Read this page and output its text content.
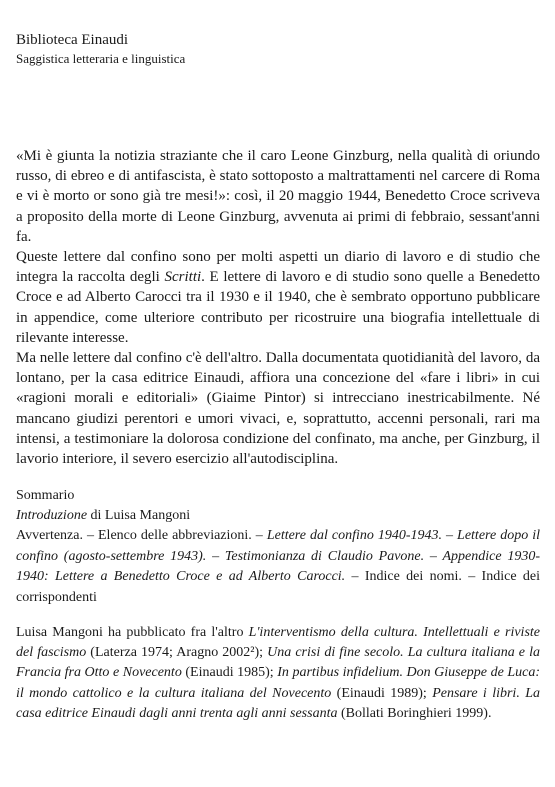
Biblioteca Einaudi

Saggistica letteraria e linguistica

«Mi è giunta la notizia straziante che il caro Leone Ginzburg, nella qualità di oriundo russo, di ebreo e di antifascista, è stato sottoposto a maltrattamenti nel carcere di Roma e vi è morto or sono già tre mesi!»: così, il 20 maggio 1944, Benedetto Croce scriveva a proposito della morte di Leone Ginzburg, avvenuta ai primi di febbraio, sessant'anni fa.

Queste lettere dal confino sono per molti aspetti un diario di lavoro e di studio che integra la raccolta degli Scritti. E lettere di lavoro e di studio sono quelle a Benedetto Croce e ad Alberto Carocci tra il 1930 e il 1940, che è sembrato opportuno pubblicare in appendice, come ulteriore contributo per ricostruire una biografia intellettuale di rilevante interesse.

Ma nelle lettere dal confino c'è dell'altro. Dalla documentata quotidianità del lavoro, da lontano, per la casa editrice Einaudi, affiora una concezione del «fare i libri» in cui «ragioni morali e editoriali» (Giaime Pintor) si intrecciano inestricabilmente. Né mancano giudizi perentori e umori vivaci, e, soprattutto, accenni personali, rari ma intensi, a testimoniare la dolorosa condizione del confinato, ma anche, per Ginzburg, il lavorio interiore, il severo esercizio all'autodisciplina.

Sommario

Introduzione di Luisa Mangoni

Avvertenza. – Elenco delle abbreviazioni. – Lettere dal confino 1940-1943. – Lettere dopo il confino (agosto-settembre 1943). – Testimonianza di Claudio Pavone. – Appendice 1930-1940: Lettere a Benedetto Croce e ad Alberto Carocci. – Indice dei nomi. – Indice dei corrispondenti

Luisa Mangoni ha pubblicato fra l'altro L'interventismo della cultura. Intellettuali e riviste del fascismo (Laterza 1974; Aragno 2002²); Una crisi di fine secolo. La cultura italiana e la Francia fra Otto e Novecento (Einaudi 1985); In partibus infidelium. Don Giuseppe de Luca: il mondo cattolico e la cultura italiana del Novecento (Einaudi 1989); Pensare i libri. La casa editrice Einaudi dagli anni trenta agli anni sessanta (Bollati Boringhieri 1999).
